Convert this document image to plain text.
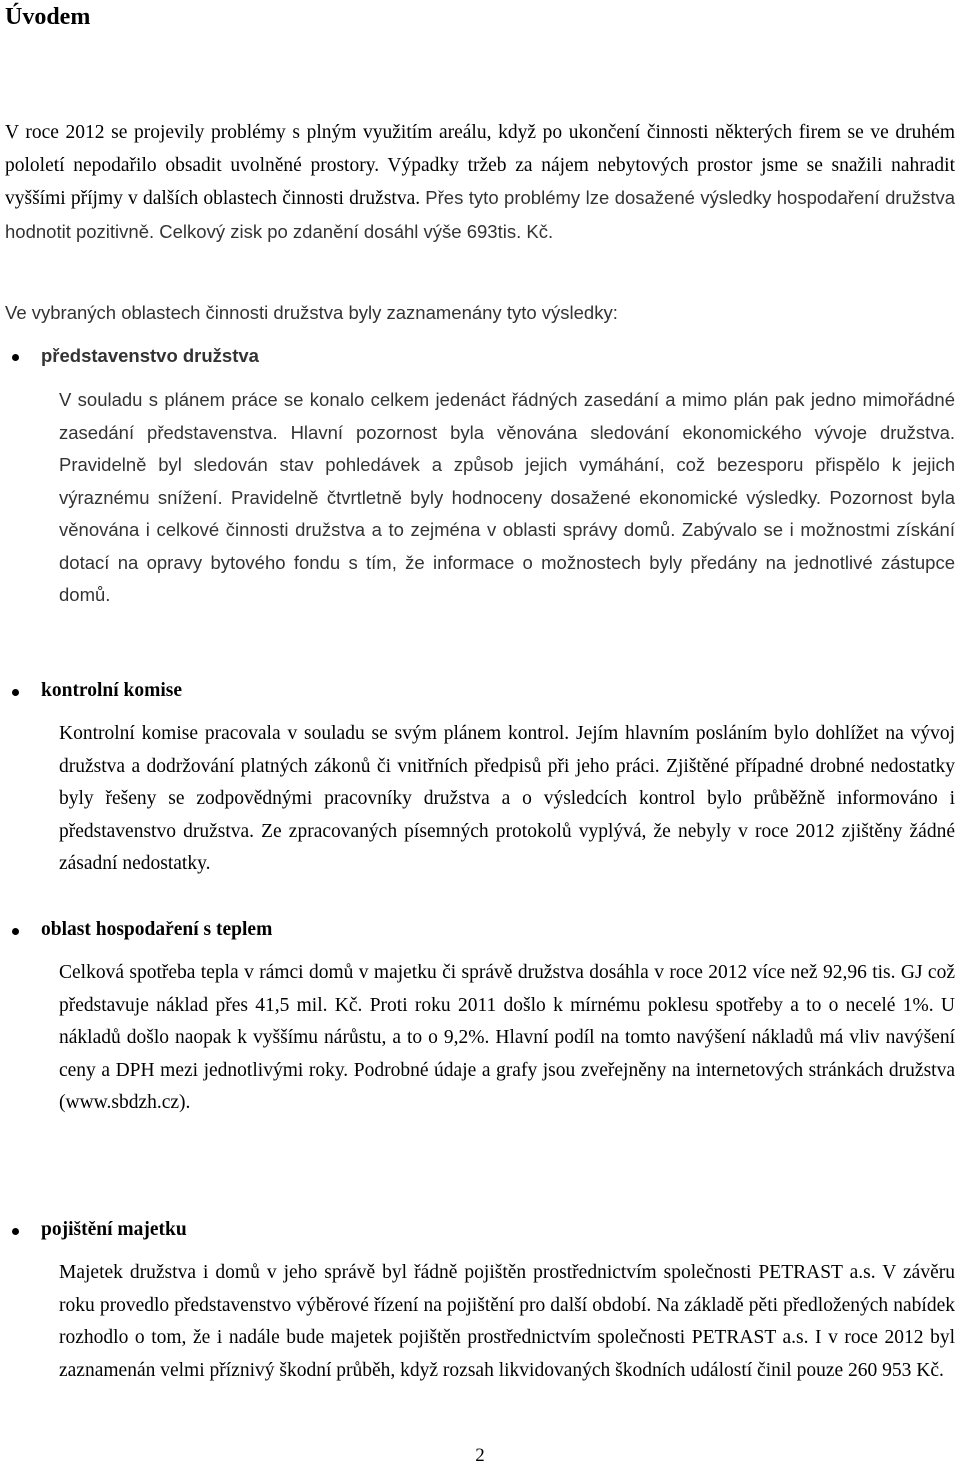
Úvodem

V roce 2012 se projevily problémy s plným využitím areálu, když po ukončení činnosti některých firem se ve druhém pololetí nepodařilo obsadit uvolněné prostory. Výpadky tržeb za nájem nebytových prostor jsme se snažili nahradit vyššími příjmy v dalších oblastech činnosti družstva. Přes tyto problémy lze dosažené výsledky hospodaření družstva hodnotit pozitivně. Celkový zisk po zdanění dosáhl výše 693tis. Kč.

Ve vybraných oblastech činnosti družstva byly zaznamenány tyto výsledky:

představenstvo družstva

V souladu s plánem práce se konalo celkem jedenáct řádných zasedání a mimo plán pak jedno mimořádné zasedání představenstva. Hlavní pozornost byla věnována sledování ekonomického vývoje družstva. Pravidelně byl sledován stav pohledávek a způsob jejich vymáhání, což bezesporu přispělo k jejich výraznému snížení. Pravidelně čtvrtletně byly hodnoceny dosažené ekonomické výsledky. Pozornost byla věnována i celkové činnosti družstva a to zejména v oblasti správy domů. Zabývalo se i možnostmi získání dotací na opravy bytového fondu s tím, že informace o možnostech byly předány na jednotlivé zástupce domů.

kontrolní komise

Kontrolní komise pracovala v souladu se svým plánem kontrol. Jejím hlavním posláním bylo dohlížet na vývoj družstva a dodržování platných zákonů či vnitřních předpisů při jeho práci. Zjištěné případné drobné nedostatky byly řešeny se zodpovědnými pracovníky družstva a o výsledcích kontrol bylo průběžně informováno i představenstvo družstva. Ze zpracovaných písemných protokolů vyplývá, že nebyly v roce 2012 zjištěny žádné zásadní nedostatky.

oblast hospodaření s teplem

Celková spotřeba tepla v rámci domů v majetku či správě družstva dosáhla v roce 2012 více než 92,96 tis. GJ což představuje náklad přes 41,5 mil. Kč. Proti roku 2011 došlo k mírnému poklesu spotřeby a to o necelé 1%. U nákladů došlo naopak k vyššímu nárůstu, a to o 9,2%. Hlavní podíl na tomto navýšení nákladů má vliv navýšení ceny a DPH mezi jednotlivými roky. Podrobné údaje a grafy jsou zveřejněny na internetových stránkách družstva (www.sbdzh.cz).

pojištění majetku

Majetek družstva i domů v jeho správě byl řádně pojištěn prostřednictvím společnosti PETRAST a.s. V závěru roku provedlo představenstvo výběrové řízení na pojištění pro další období. Na základě pěti předložených nabídek rozhodlo o tom, že i nadále bude majetek pojištěn prostřednictvím společnosti PETRAST a.s. I v roce 2012 byl zaznamenán velmi příznivý škodní průběh, když rozsah likvidovaných škodních událostí činil pouze 260 953 Kč.

2
